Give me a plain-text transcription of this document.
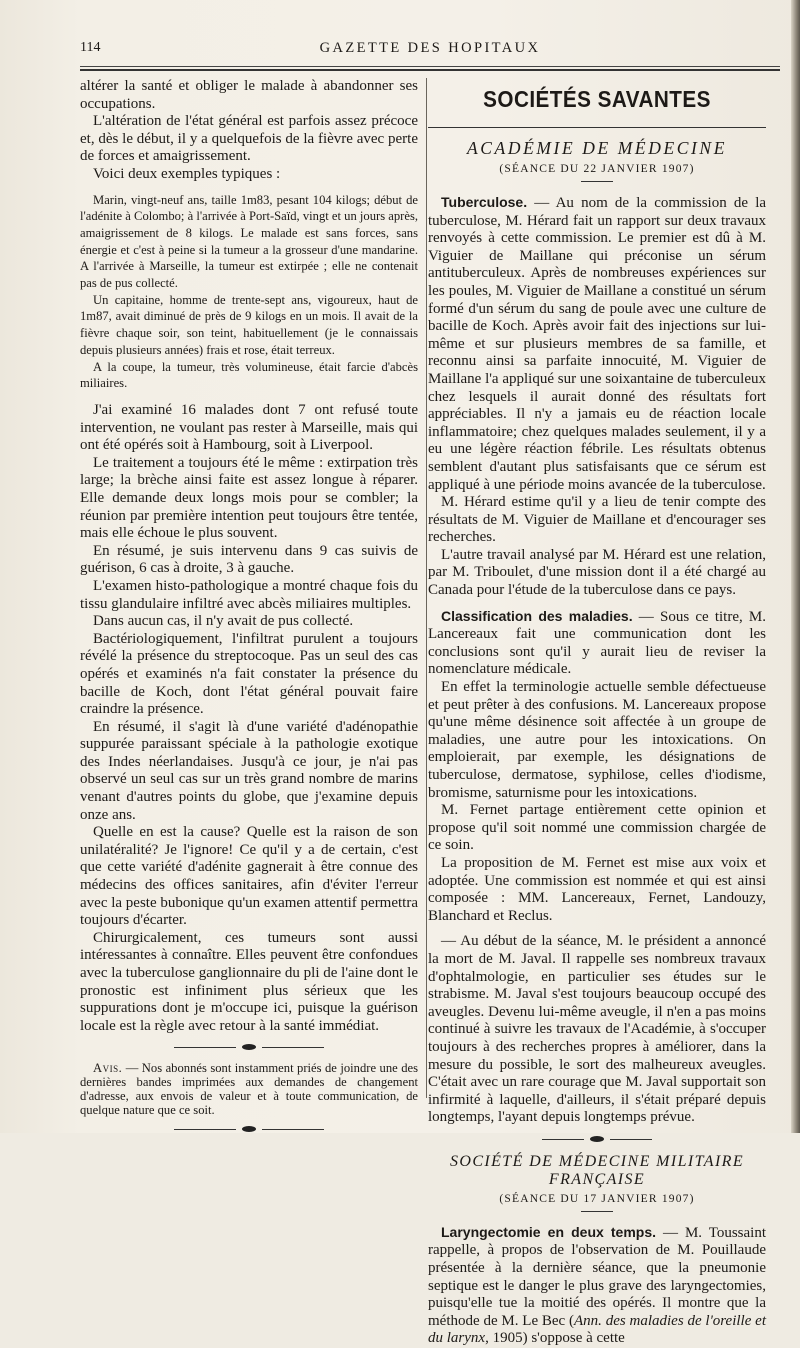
114	GAZETTE DES HOPITAUX

altérer la santé et obliger le malade à abandonner ses occupations.

L'altération de l'état général est parfois assez précoce et, dès le début, il y a quelquefois de la fièvre avec perte de forces et amaigrissement.

Voici deux exemples typiques :

Marin, vingt-neuf ans, taille 1m83, pesant 104 kilogs; début de l'adénite à Colombo; à l'arrivée à Port-Saïd, vingt et un jours après, amaigrissement de 8 kilogs. Le malade est sans forces, sans énergie et c'est à peine si la tumeur a la grosseur d'une mandarine. A l'arrivée à Marseille, la tumeur est extirpée ; elle ne contenait pas de pus collecté.

Un capitaine, homme de trente-sept ans, vigoureux, haut de 1m87, avait diminué de près de 9 kilogs en un mois. Il avait de la fièvre chaque soir, son teint, habituellement (je le connaissais depuis plusieurs années) frais et rose, était terreux.

A la coupe, la tumeur, très volumineuse, était farcie d'abcès miliaires.

J'ai examiné 16 malades dont 7 ont refusé toute intervention, ne voulant pas rester à Marseille, mais qui ont été opérés soit à Hambourg, soit à Liverpool.

Le traitement a toujours été le même : extirpation très large; la brèche ainsi faite est assez longue à réparer. Elle demande deux longs mois pour se combler; la réunion par première intention peut toujours être tentée, mais elle échoue le plus souvent.

En résumé, je suis intervenu dans 9 cas suivis de guérison, 6 cas à droite, 3 à gauche.

L'examen histo-pathologique a montré chaque fois du tissu glandulaire infiltré avec abcès miliaires multiples.

Dans aucun cas, il n'y avait de pus collecté.

Bactériologiquement, l'infiltrat purulent a toujours révélé la présence du streptocoque. Pas un seul des cas opérés et examinés n'a fait constater la présence du bacille de Koch, dont l'état général pouvait faire craindre la présence.

En résumé, il s'agit là d'une variété d'adénopathie suppurée paraissant spéciale à la pathologie exotique des Indes néerlandaises. Jusqu'à ce jour, je n'ai pas observé un seul cas sur un très grand nombre de marins venant d'autres points du globe, que j'examine depuis onze ans.

Quelle en est la cause? Quelle est la raison de son unilatéralité? Je l'ignore! Ce qu'il y a de certain, c'est que cette variété d'adénite gagnerait à être connue des médecins des offices sanitaires, afin d'éviter l'erreur avec la peste bubonique qu'un examen attentif permettra toujours d'écarter.

Chirurgicalement, ces tumeurs sont aussi intéressantes à connaître. Elles peuvent être confondues avec la tuberculose ganglionnaire du pli de l'aine dont le pronostic est infiniment plus sérieux que les suppurations dont je m'occupe ici, puisque la guérison locale est la règle avec retour à la santé immédiat.

Avis. — Nos abonnés sont instamment priés de joindre une des dernières bandes imprimées aux demandes de changement d'adresse, aux envois de valeur et à toute communication, de quelque nature que ce soit.

SOCIÉTÉS SAVANTES

ACADÉMIE DE MÉDECINE

(SÉANCE DU 22 JANVIER 1907)

Tuberculose. — Au nom de la commission de la tuberculose, M. Hérard fait un rapport sur deux travaux renvoyés à cette commission. Le premier est dû à M. Viguier de Maillane qui préconise un sérum antituberculeux. Après de nombreuses expériences sur les poules, M. Viguier de Maillane a constitué un sérum formé d'un sérum du sang de poule avec une culture de bacille de Koch. Après avoir fait des injections sur lui-même et sur plusieurs membres de sa famille, et reconnu ainsi sa parfaite innocuité, M. Viguier de Maillane l'a appliqué sur une soixantaine de tuberculeux chez lesquels il aurait donné des résultats fort appréciables. Il n'y a jamais eu de réaction locale inflammatoire; chez quelques malades seulement, il y a eu une légère réaction fébrile. Les résultats obtenus semblent d'autant plus satisfaisants que ce sérum est appliqué à une période moins avancée de la tuberculose.

M. Hérard estime qu'il y a lieu de tenir compte des résultats de M. Viguier de Maillane et d'encourager ses recherches.

L'autre travail analysé par M. Hérard est une relation, par M. Triboulet, d'une mission dont il a été chargé au Canada pour l'étude de la tuberculose dans ce pays.

Classification des maladies. — Sous ce titre, M. Lancereaux fait une communication dont les conclusions sont qu'il y aurait lieu de reviser la nomenclature médicale.

En effet la terminologie actuelle semble défectueuse et peut prêter à des confusions. M. Lancereaux propose qu'une même désinence soit affectée à un groupe de maladies, une autre pour les intoxications. On emploierait, par exemple, les désignations de tuberculose, dermatose, syphilose, celles d'iodisme, bromisme, saturnisme pour les intoxications.

M. Fernet partage entièrement cette opinion et propose qu'il soit nommé une commission chargée de ce soin.

La proposition de M. Fernet est mise aux voix et adoptée. Une commission est nommée et qui est ainsi composée : MM. Lancereaux, Fernet, Landouzy, Blanchard et Reclus.

— Au début de la séance, M. le président a annoncé la mort de M. Javal. Il rappelle ses nombreux travaux d'ophtalmologie, en particulier ses études sur le strabisme. M. Javal s'est toujours beaucoup occupé des aveugles. Devenu lui-même aveugle, il n'en a pas moins continué à suivre les travaux de l'Académie, à s'occuper toujours à des recherches propres à améliorer, dans la mesure du possible, le sort des malheureux aveugles. C'était avec un rare courage que M. Javal supportait son infirmité à laquelle, d'ailleurs, il s'était préparé depuis longtemps, l'ayant depuis longtemps prévue.

SOCIÉTÉ DE MÉDECINE MILITAIRE FRANÇAISE

(SÉANCE DU 17 JANVIER 1907)

Laryngectomie en deux temps. — M. Toussaint rappelle, à propos de l'observation de M. Pouillaude présentée à la dernière séance, que la pneumonie septique est le danger le plus grave des laryngectomies, puisqu'elle tue la moitié des opérés. Il montre que la méthode de M. Le Bec (Ann. des maladies de l'oreille et du larynx, 1905) s'oppose à cette
